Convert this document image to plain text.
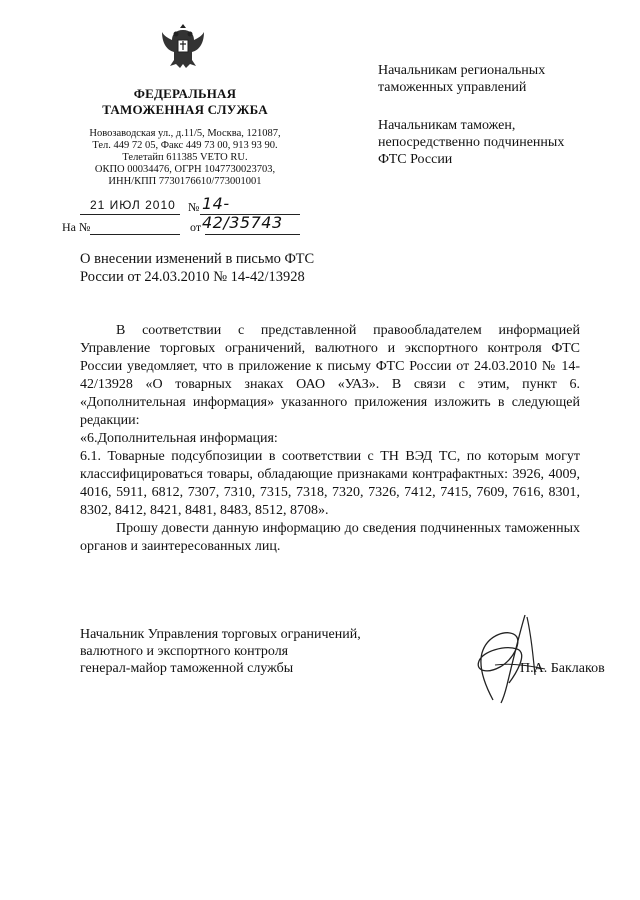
ФЕДЕРАЛЬНАЯ
ТАМОЖЕННАЯ СЛУЖБА
Новозаводская ул., д.11/5, Москва, 121087,
Тел. 449 72 05, Факс 449 73 00, 913 93 90.
Телетайп 611385 VETO RU.
ОКПО 00034476, ОГРН 1047730023703,
ИНН/КПП 7730176610/773001001
21 ИЮЛ 2010 № 14-42/35743
На №	от
Начальникам региональных
таможенных управлений
Начальникам таможен,
непосредственно подчиненных
ФТС России
О внесении изменений в письмо ФТС
России от 24.03.2010 № 14-42/13928

В соответствии с представленной правообладателем информацией Управление торговых ограничений, валютного и экспортного контроля ФТС России уведомляет, что в приложение к письму ФТС России от 24.03.2010 № 14-42/13928 «О товарных знаках ОАО «УАЗ». В связи с этим, пункт 6. «Дополнительная информация» указанного приложения изложить в следующей редакции:

«6.Дополнительная информация:

6.1. Товарные подсубпозиции в соответствии с ТН ВЭД ТС, по которым могут классифицироваться товары, обладающие признаками контрафактных: 3926, 4009, 4016, 5911, 6812, 7307, 7310, 7315, 7318, 7320, 7326, 7412, 7415, 7609, 7616, 8301, 8302, 8412, 8421, 8481, 8483, 8512, 8708».

Прошу довести данную информацию до сведения подчиненных таможенных органов и заинтересованных лиц.

Начальник Управления торговых ограничений,
валютного и экспортного контроля
генерал-майор таможенной службы	П.А. Баклаков
